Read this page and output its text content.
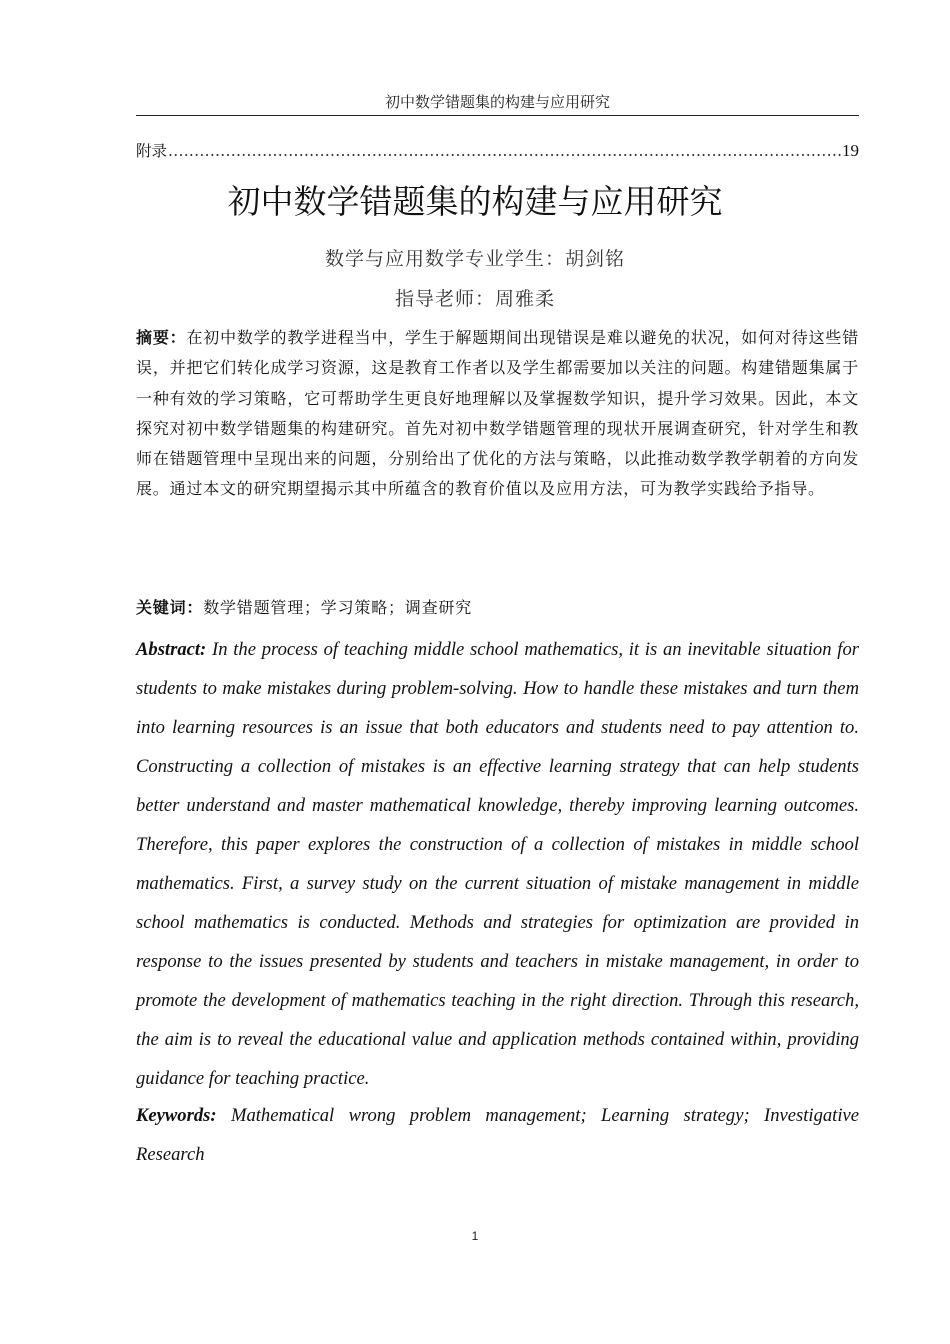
初中数学错题集的构建与应用研究
附录
.....	19
初中数学错题集的构建与应用研究
数学与应用数学专业学生：胡剑铭
指导老师：周雅柔

摘要：在初中数学的教学进程当中，学生于解题期间出现错误是难以避免的状况，如何对待这些错误，并把它们转化成学习资源，这是教育工作者以及学生都需要加以关注的问题。构建错题集属于一种有效的学习策略，它可帮助学生更良好地理解以及掌握数学知识，提升学习效果。因此，本文探究对初中数学错题集的构建研究。首先对初中数学错题管理的现状开展调查研究，针对学生和教师在错题管理中呈现出来的问题，分别给出了优化的方法与策略，以此推动数学教学朝着的方向发展。通过本文的研究期望揭示其中所蕴含的教育价值以及应用方法，可为教学实践给予指导。

关键词：数学错题管理；学习策略；调查研究

Abstract: In the process of teaching middle school mathematics, it is an inevitable situation for students to make mistakes during problem-solving. How to handle these mistakes and turn them into learning resources is an issue that both educators and students need to pay attention to. Constructing a collection of mistakes is an effective learning strategy that can help students better understand and master mathematical knowledge, thereby improving learning outcomes. Therefore, this paper explores the construction of a collection of mistakes in middle school mathematics. First, a survey study on the current situation of mistake management in middle school mathematics is conducted. Methods and strategies for optimization are provided in response to the issues presented by students and teachers in mistake management, in order to promote the development of mathematics teaching in the right direction. Through this research, the aim is to reveal the educational value and application methods contained within, providing guidance for teaching practice.

Keywords: Mathematical wrong problem management; Learning strategy; Investigative Research

1
